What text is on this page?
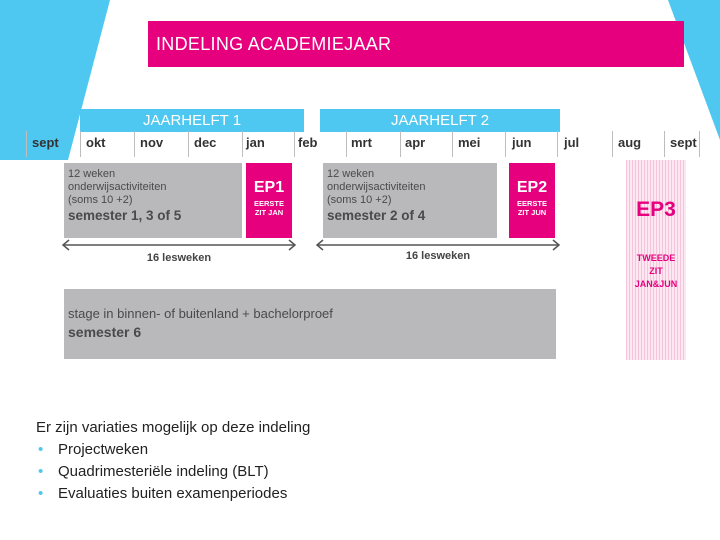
INDELING ACADEMIEJAAR
JAARHELFT 1	JAARHELFT 2
sept okt	nov dec jan	feb	mrt	apr	mei jun	jul	aug sept
12 weken
onderwijsactiviteiten
(soms 10 +2)
semester 1, 3 of 5
EP1
EERSTE
ZIT JAN
12 weken
onderwijsactiviteiten
(soms 10 +2)
semester 2 of 4
EP2
EERSTE
ZIT JUN	EP3
TWEEDE
ZIT
JAN&JUN
16 lesweken	16 lesweken
stage in binnen- of buitenland + bachelorproef
semester 6
Er zijn variaties mogelijk op deze indeling
• Projectweken
• Quadrimesteriële indeling (BLT)
• Evaluaties buiten examenperiodes
